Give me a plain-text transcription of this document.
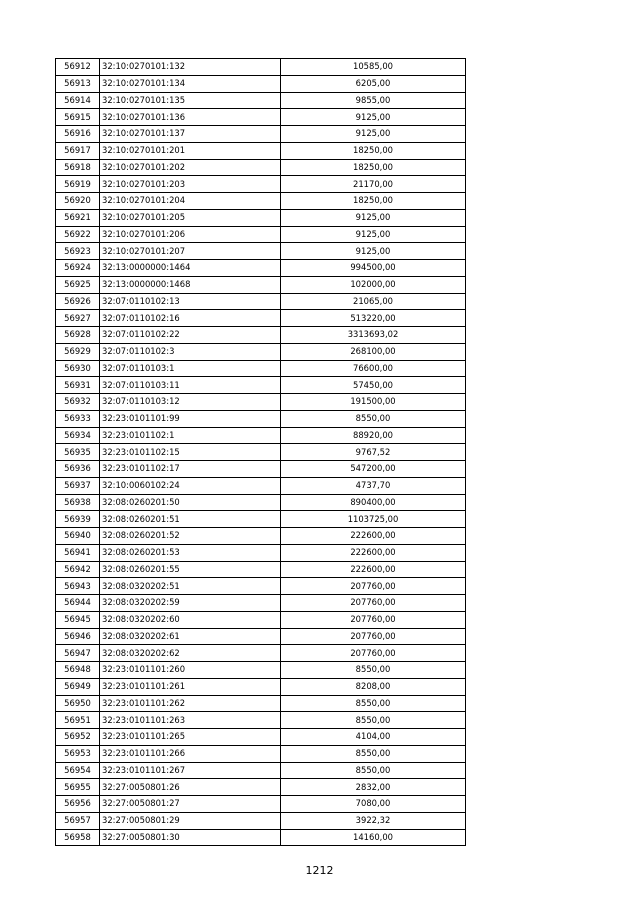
56912	32:10:0270101:132	10585,00
56913	32:10:0270101:134	6205,00
56914	32:10:0270101:135	9855,00
56915	32:10:0270101:136	9125,00
56916	32:10:0270101:137	9125,00
56917	32:10:0270101:201	18250,00
56918	32:10:0270101:202	18250,00
56919	32:10:0270101:203	21170,00
56920	32:10:0270101:204	18250,00
56921	32:10:0270101:205	9125,00
56922	32:10:0270101:206	9125,00
56923	32:10:0270101:207	9125,00
56924	32:13:0000000:1464	994500,00
56925	32:13:0000000:1468	102000,00
56926	32:07:0110102:13	21065,00
56927	32:07:0110102:16	513220,00
56928	32:07:0110102:22	3313693,02
56929	32:07:0110102:3	268100,00
56930	32:07:0110103:1	76600,00
56931	32:07:0110103:11	57450,00
56932	32:07:0110103:12	191500,00
56933	32:23:0101101:99	8550,00
56934	32:23:0101102:1	88920,00
56935	32:23:0101102:15	9767,52
56936	32:23:0101102:17	547200,00
56937	32:10:0060102:24	4737,70
56938	32:08:0260201:50	890400,00
56939	32:08:0260201:51	1103725,00
56940	32:08:0260201:52	222600,00
56941	32:08:0260201:53	222600,00
56942	32:08:0260201:55	222600,00
56943	32:08:0320202:51	207760,00
56944	32:08:0320202:59	207760,00
56945	32:08:0320202:60	207760,00
56946	32:08:0320202:61	207760,00
56947	32:08:0320202:62	207760,00
56948	32:23:0101101:260	8550,00
56949	32:23:0101101:261	8208,00
56950	32:23:0101101:262	8550,00
56951	32:23:0101101:263	8550,00
56952	32:23:0101101:265	4104,00
56953	32:23:0101101:266	8550,00
56954	32:23:0101101:267	8550,00
56955	32:27:0050801:26	2832,00
56956	32:27:0050801:27	7080,00
56957	32:27:0050801:29	3922,32
56958	32:27:0050801:30	14160,00
1212
